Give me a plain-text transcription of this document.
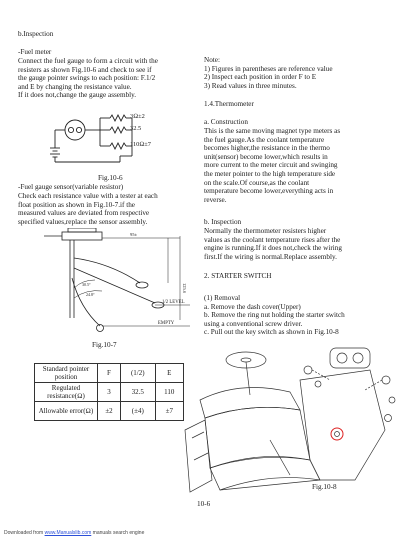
b.Inspection
-Fuel meter
Connect the fuel gauge to form a circuit with the
resisters as shown Fig.10-6 and check to see if
the gauge pointer swings to each position: F.1/2
and E by changing the resistance value.
If it does not,change the gauge assembly.
3Ω±2
32.5
110Ω±7
Fig.10-6
-Fuel gauge sensor(variable resistor)
Check each resistance value with a tester at each
float position as shown in Fig.10-7.if the
measured values are deviated from respective
specified values,replace the sensor assembly.
95±
125.6
1/2 LEVEL
EMPTY
30.5°
24.8°
Fig.10-7
Standard pointer position	F	(1/2)	E
Regulated resistance(Ω)	3	32.5	110
Allowable error(Ω)	±2	(±4)	±7
Note:
1) Figures in parentheses are reference value
2) Inspect each position in order F to E
3) Read values in three minutes.
1.4.Thermometer
a. Construction
This is the same moving magnet type meters as
the fuel gauge.As the coolant temperature
becomes higher,the resistance in the thermo
unit(sensor) become lower,which results in
more current to the meter circuit and swinging
the meter pointer to the high temperature side
on the scale.Of course,as the coolant
temperature become lower,everything acts in
reverse.
b. Inspection
Normally the thermometer resisters higher
values as the coolant temperature rises after the
engine is running.If it does not,check the wiring
first.If the wiring is normal.Replace assembly.
2. STARTER SWITCH
(1) Removal
a. Remove the dash cover(Upper)
b. Remove the ring nut holding the starter switch
using a conventional screw driver.
c. Pull out the key switch as shown in Fig.10-8
Fig.10-8
10-6
Downloaded from www.Manualslib.com manuals search engine
